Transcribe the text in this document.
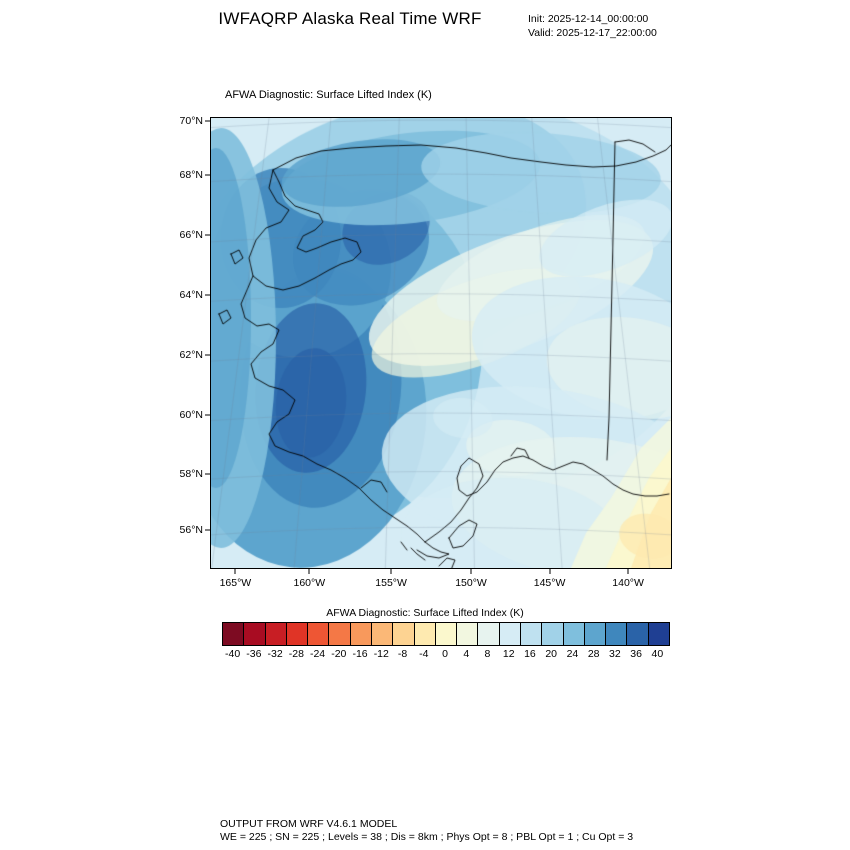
IWFAQRP Alaska Real Time WRF	Init: 2025-12-14_00:00:00
Valid: 2025-12-17_22:00:00
AFWA Diagnostic: Surface Lifted Index (K)
70°N
68°N
66°N
64°N
62°N
60°N
58°N
56°N
165°W	160°W	155°W	150°W	145°W	140°W
AFWA Diagnostic: Surface Lifted Index (K)
-40 -36 -32 -28 -24 -20 -16 -12 -8 -4 0 4 8 12 16 20 24 28 32 36 40
OUTPUT FROM WRF V4.6.1 MODEL
WE = 225 ; SN = 225 ; Levels = 38 ; Dis = 8km ; Phys Opt = 8 ; PBL Opt = 1 ; Cu Opt = 3
